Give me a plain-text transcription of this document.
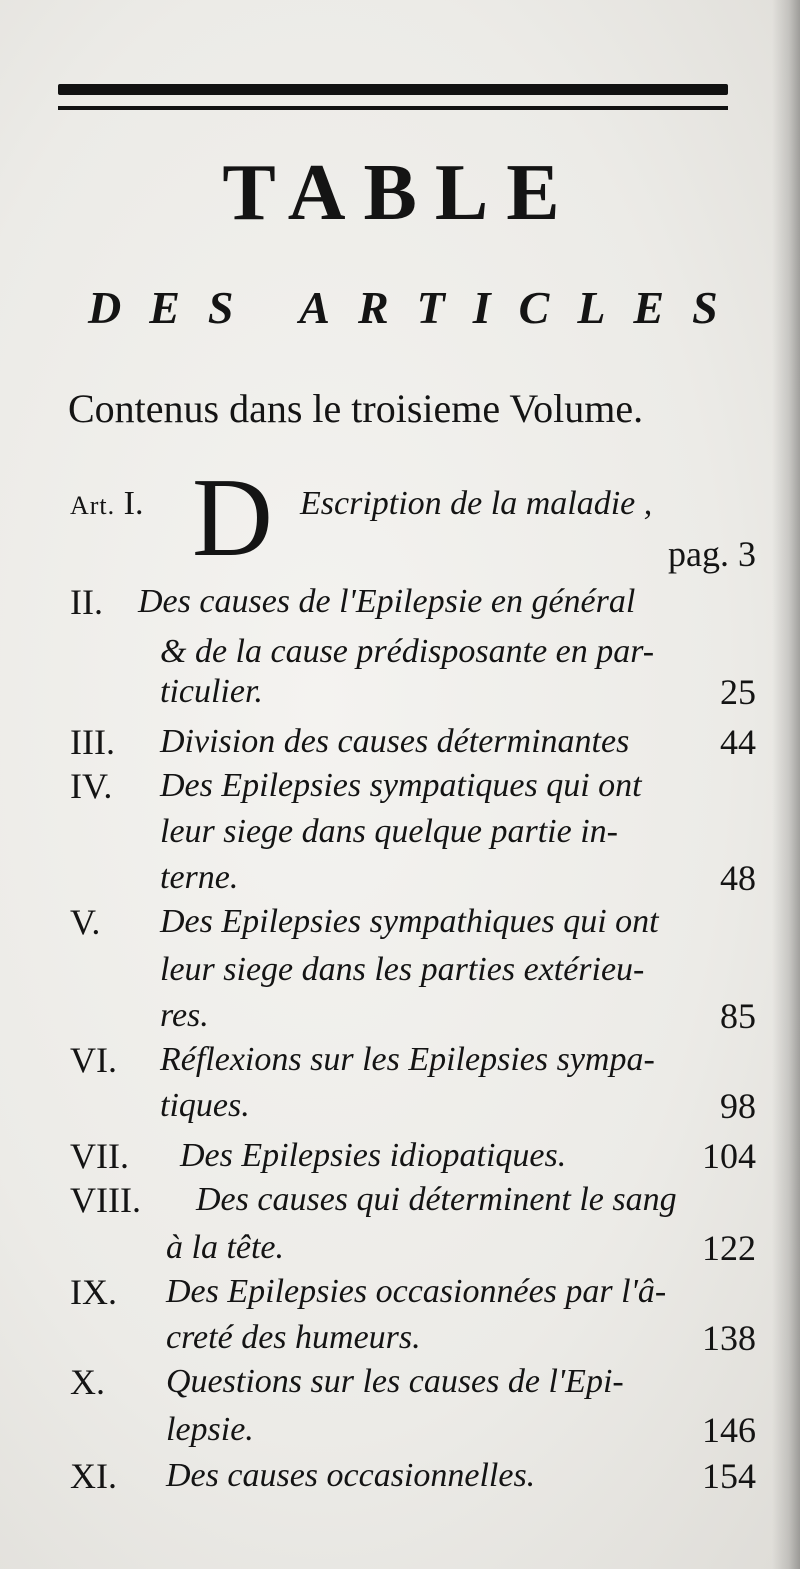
TABLE
DES ARTICLES
Contenus dans le troisieme Volume.
Art. I. D Escription de la maladie ,
pag. 3
II. Des causes de l'Epilepsie en général
& de la cause prédisposante en par-
ticulier.	25
III. Division des causes déterminantes	44
IV. Des Epilepsies sympatiques qui ont
leur siege dans quelque partie in-
terne.	48
V. Des Epilepsies sympathiques qui ont
leur siege dans les parties extérieu-
res.	85
VI. Réflexions sur les Epilepsies sympa-
tiques.	98
VII. Des Epilepsies idiopatiques.	104
VIII. Des causes qui déterminent le sang
à la tête.	122
IX. Des Epilepsies occasionnées par l'â-
creté des humeurs.	138
X. Questions sur les causes de l'Epi-
lepsie.	146
XI. Des causes occasionnelles.	154
